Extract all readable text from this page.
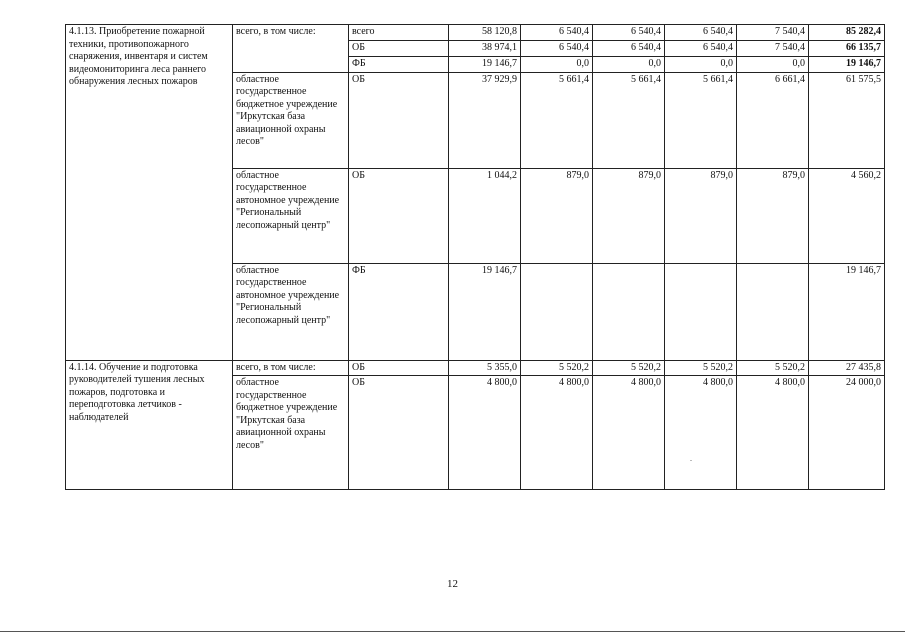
4.1.13. Приобретение пожарной техники, противопожарного снаряжения, инвентаря и систем видеомониторинга леса раннего обнаружения лесных пожаров	всего, в том числе:	всего	58 120,8	6 540,4	6 540,4	6 540,4	7 540,4	85 282,4
		ОБ	38 974,1	6 540,4	6 540,4	6 540,4	7 540,4	66 135,7
		ФБ	19 146,7	0,0	0,0	0,0	0,0	19 146,7
	областное государственное бюджетное учреждение "Иркутская база авиационной охраны лесов"	ОБ	37 929,9	5 661,4	5 661,4	5 661,4	6 661,4	61 575,5
	областное государственное автономное учреждение "Региональный лесопожарный центр"	ОБ	1 044,2	879,0	879,0	879,0	879,0	4 560,2
	областное государственное автономное учреждение "Региональный лесопожарный центр"	ФБ	19 146,7					19 146,7
4.1.14. Обучение и подготовка руководителей тушения лесных пожаров, подготовка и переподготовка летчиков - наблюдателей	всего, в том числе:	ОБ	5 355,0	5 520,2	5 520,2	5 520,2	5 520,2	27 435,8
	областное государственное бюджетное учреждение "Иркутская база авиационной охраны лесов"	ОБ	4 800,0	4 800,0	4 800,0	4 800,0	4 800,0	24 000,0
12
